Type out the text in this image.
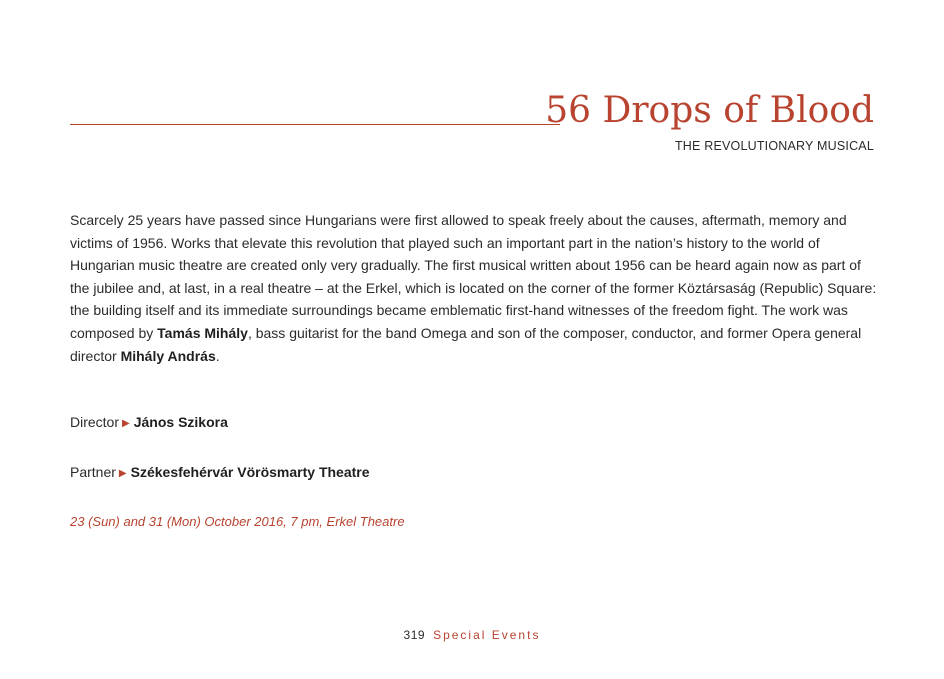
56 Drops of Blood

THE REVOLUTIONARY MUSICAL

Scarcely 25 years have passed since Hungarians were first allowed to speak freely about the causes, aftermath, memory and victims of 1956. Works that elevate this revolution that played such an important part in the nation’s history to the world of Hungarian music theatre are created only very gradually. The first musical written about 1956 can be heard again now as part of the jubilee and, at last, in a real theatre – at the Erkel, which is located on the corner of the former Köztársaság (Republic) Square: the building itself and its immediate surroundings became emblematic first-hand witnesses of the freedom fight. The work was composed by Tamás Mihály, bass guitarist for the band Omega and son of the composer, conductor, and former Opera general director Mihály András.

Director ▶ János Szikora

Partner ▶ Székesfehérvár Vörösmarty Theatre

23 (Sun) and 31 (Mon) October 2016, 7 pm, Erkel Theatre

319 Special Events
